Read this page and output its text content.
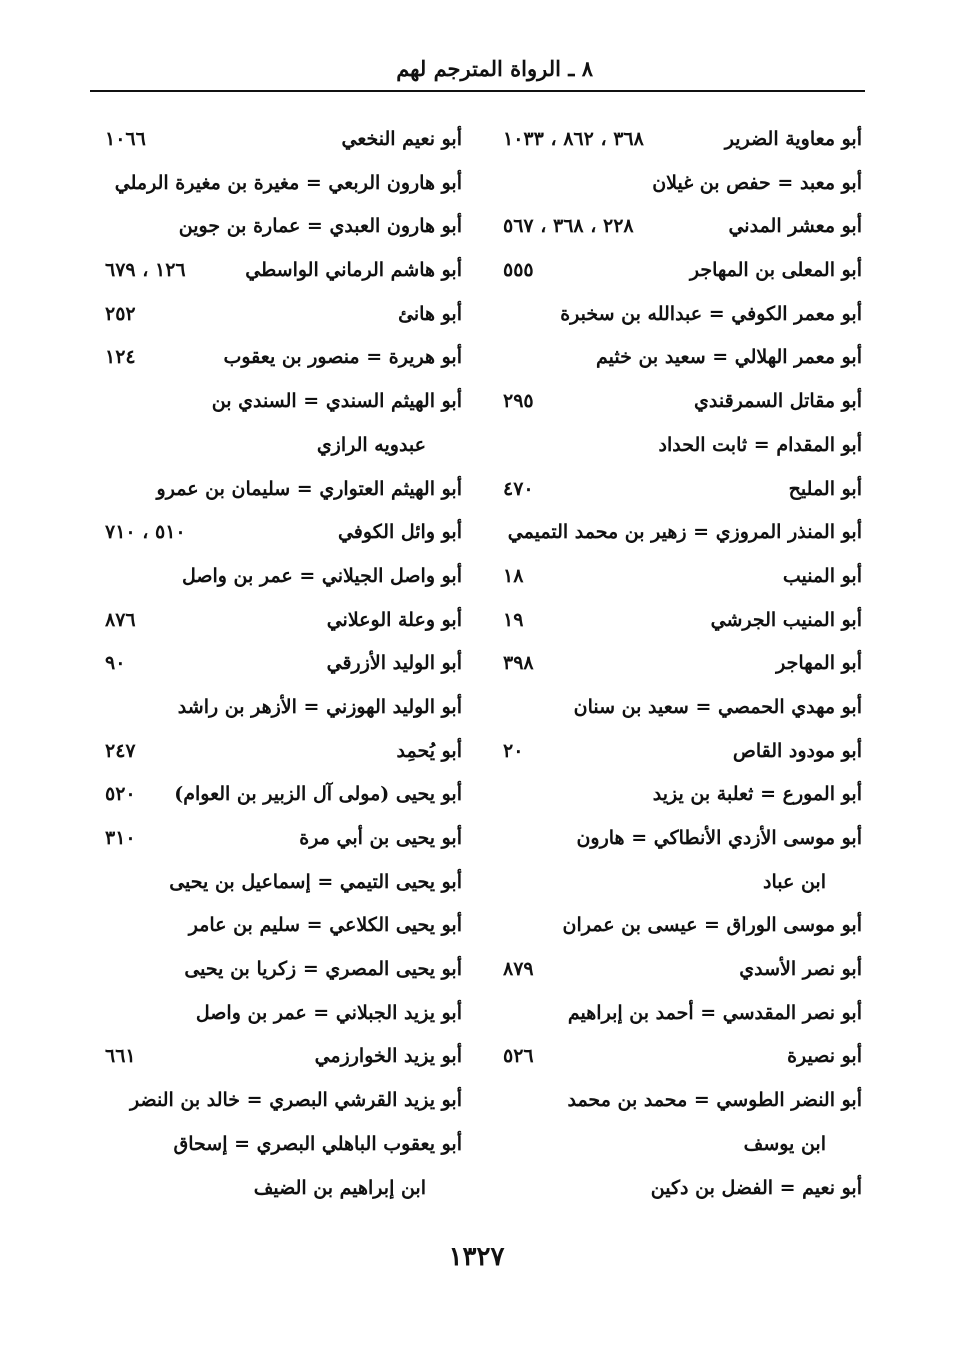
٨ ـ الرواة المترجم لهم
أبو معاوية الضرير
٣٦٨ ، ٨٦٢ ، ١٠٣٣
أبو معبد = حفص بن غيلان
أبو معشر المدني
٢٢٨ ، ٣٦٨ ، ٥٦٧
أبو المعلى بن المهاجر
٥٥٥
أبو معمر الكوفي = عبدالله بن سخبرة
أبو معمر الهلالي = سعيد بن خثيم
أبو مقاتل السمرقندي
٢٩٥
أبو المقدام = ثابت الحداد
أبو المليح
٤٧٠
أبو المنذر المروزي = زهير بن محمد التميمي
أبو المنيب
١٨
أبو المنيب الجرشي
١٩
أبو المهاجر
٣٩٨
أبو مهدي الحمصي = سعيد بن سنان
أبو مودود القاص
٢٠
أبو المورع = ثعلبة بن يزيد
أبو موسى الأزدي الأنطاكي = هارون
ابن عباد
أبو موسى الوراق = عيسى بن عمران
أبو نصر الأسدي
٨٧٩
أبو نصر المقدسي = أحمد بن إبراهيم
أبو نصيرة
٥٢٦
أبو النضر الطوسي = محمد بن محمد
ابن يوسف
أبو نعيم = الفضل بن دكين
أبو نعيم النخعي
١٠٦٦
أبو هارون الربعي = مغيرة بن مغيرة الرملي
أبو هارون العبدي = عمارة بن جوين
أبو هاشم الرماني الواسطي
١٢٦ ، ٦٧٩
أبو هانئ
٢٥٢
أبو هريرة = منصور بن يعقوب
١٢٤
أبو الهيثم السندي = السندي بن
عبدويه الرازي
أبو الهيثم العتواري = سليمان بن عمرو
أبو وائل الكوفي
٥١٠ ، ٧١٠
أبو واصل الجيلاني = عمر بن واصل
أبو وعلة الوعلاني
٨٧٦
أبو الوليد الأزرقي
٩٠
أبو الوليد الهوزني = الأزهر بن راشد
أبو يُحمِد
٢٤٧
أبو يحيى (مولى آل الزبير بن العوام)
٥٢٠
أبو يحيى بن أبي مرة
٣١٠
أبو يحيى التيمي = إسماعيل بن يحيى
أبو يحيى الكلاعي = سليم بن عامر
أبو يحيى المصري = زكريا بن يحيى
أبو يزيد الجبلاني = عمر بن واصل
أبو يزيد الخوارزمي
٦٦١
أبو يزيد القرشي البصري = خالد بن النضر
أبو يعقوب الباهلي البصري = إسحاق
ابن إبراهيم بن الضيف
١٣٢٧
